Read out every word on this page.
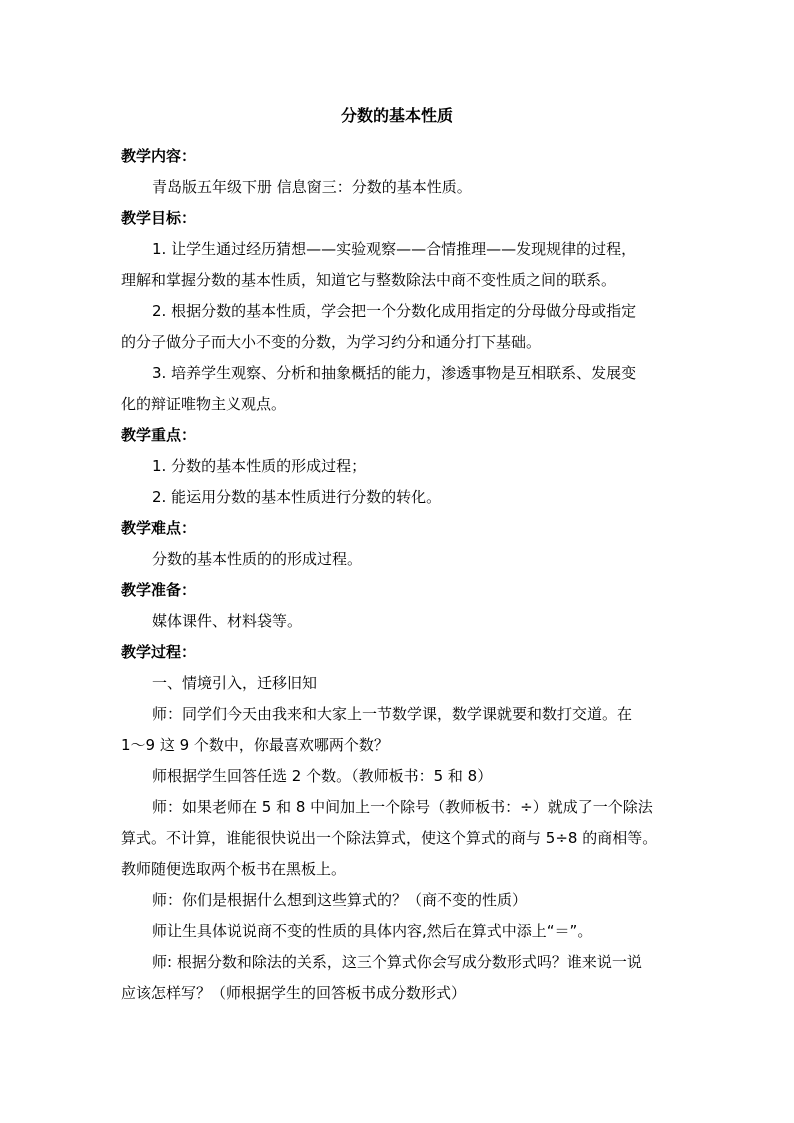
分数的基本性质

教学内容：

青岛版五年级下册 信息窗三：分数的基本性质。

教学目标：

1. 让学生通过经历猜想——实验观察——合情推理——发现规律的过程，

理解和掌握分数的基本性质，知道它与整数除法中商不变性质之间的联系。

2. 根据分数的基本性质，学会把一个分数化成用指定的分母做分母或指定

的分子做分子而大小不变的分数，为学习约分和通分打下基础。

3. 培养学生观察、分析和抽象概括的能力，渗透事物是互相联系、发展变

化的辩证唯物主义观点。

教学重点：

1. 分数的基本性质的形成过程；

2. 能运用分数的基本性质进行分数的转化。

教学难点：

分数的基本性质的的形成过程。

教学准备：

媒体课件、材料袋等。

教学过程：

一、情境引入，迁移旧知

师：同学们今天由我来和大家上一节数学课，数学课就要和数打交道。在

1～9 这 9 个数中，你最喜欢哪两个数？

师根据学生回答任选 2 个数。（教师板书：5 和 8）

师：如果老师在 5 和 8 中间加上一个除号（教师板书：÷）就成了一个除法

算式。不计算，谁能很快说出一个除法算式，使这个算式的商与 5÷8 的商相等。

教师随便选取两个板书在黑板上。

师：你们是根据什么想到这些算式的？（商不变的性质）

师让生具体说说商不变的性质的具体内容,然后在算式中添上“＝”。

师: 根据分数和除法的关系，这三个算式你会写成分数形式吗？谁来说一说

应该怎样写？（师根据学生的回答板书成分数形式）
